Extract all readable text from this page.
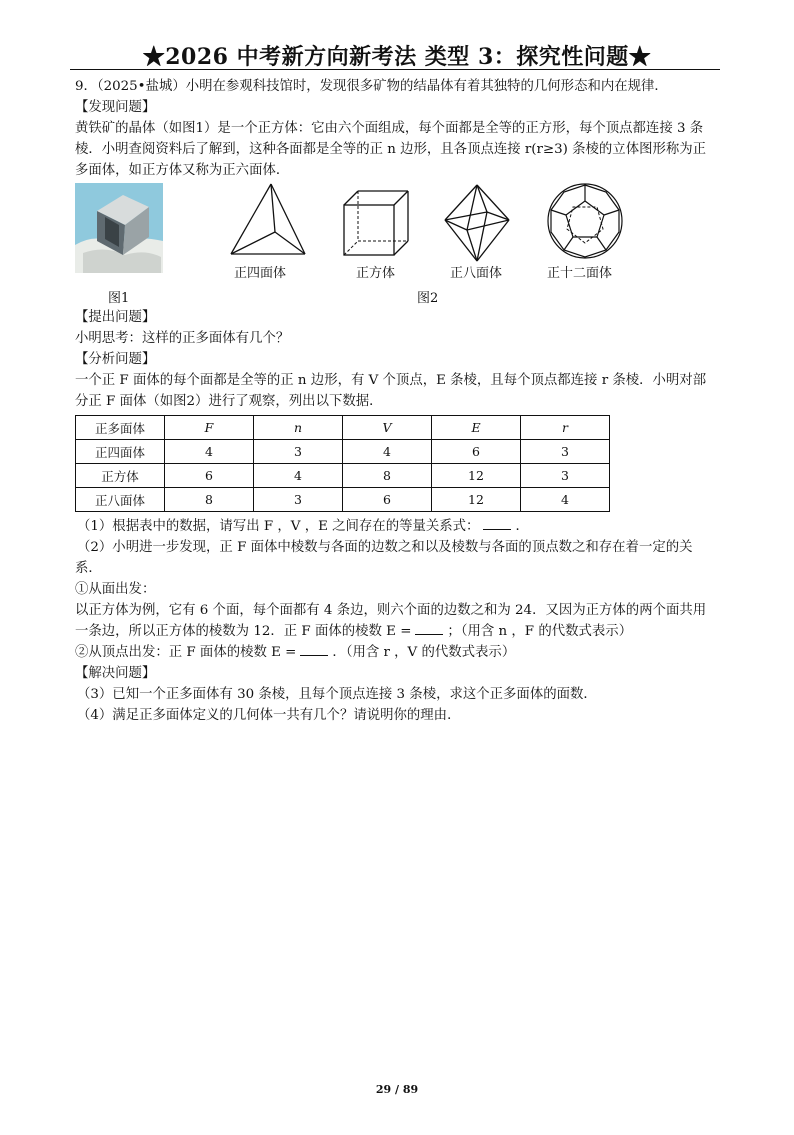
★2026 中考新方向新考法 类型 3：探究性问题★
9．（2025•盐城）小明在参观科技馆时，发现很多矿物的结晶体有着其独特的几何形态和内在规律．
【发现问题】
黄铁矿的晶体（如图1）是一个正方体：它由六个面组成，每个面都是全等的正方形，每个顶点都连接 3 条
棱．小明查阅资料后了解到，这种各面都是全等的正 n 边形，且各顶点连接 r(r≥3) 条棱的立体图形称为正
多面体，如正方体又称为正六面体．
图1
正四面体	正方体	正八面体	正十二面体
图2
【提出问题】
小明思考：这样的正多面体有几个？
【分析问题】
一个正 F 面体的每个面都是全等的正 n 边形，有 V 个顶点，E 条棱，且每个顶点都连接 r 条棱．小明对部
分正 F 面体（如图2）进行了观察，列出以下数据．
正多面体	F	n	V	E	r
正四面体	4	3	4	6	3
正方体	6	4	8	12	3
正八面体	8	3	6	12	4
（1）根据表中的数据，请写出 F ，V ，E 之间存在的等量关系式：	．
（2）小明进一步发现，正 F 面体中棱数与各面的边数之和以及棱数与各面的顶点数之和存在着一定的关
系．
①从面出发：
以正方体为例，它有 6 个面，每个面都有 4 条边，则六个面的边数之和为 24．又因为正方体的两个面共用
一条边，所以正方体的棱数为 12．正 F 面体的棱数 E =	；（用含 n ，F 的代数式表示）
②从顶点出发：正 F 面体的棱数 E =	．（用含 r ，V 的代数式表示）
【解决问题】
（3）已知一个正多面体有 30 条棱，且每个顶点连接 3 条棱，求这个正多面体的面数．
（4）满足正多面体定义的几何体一共有几个？请说明你的理由．
29 / 89
